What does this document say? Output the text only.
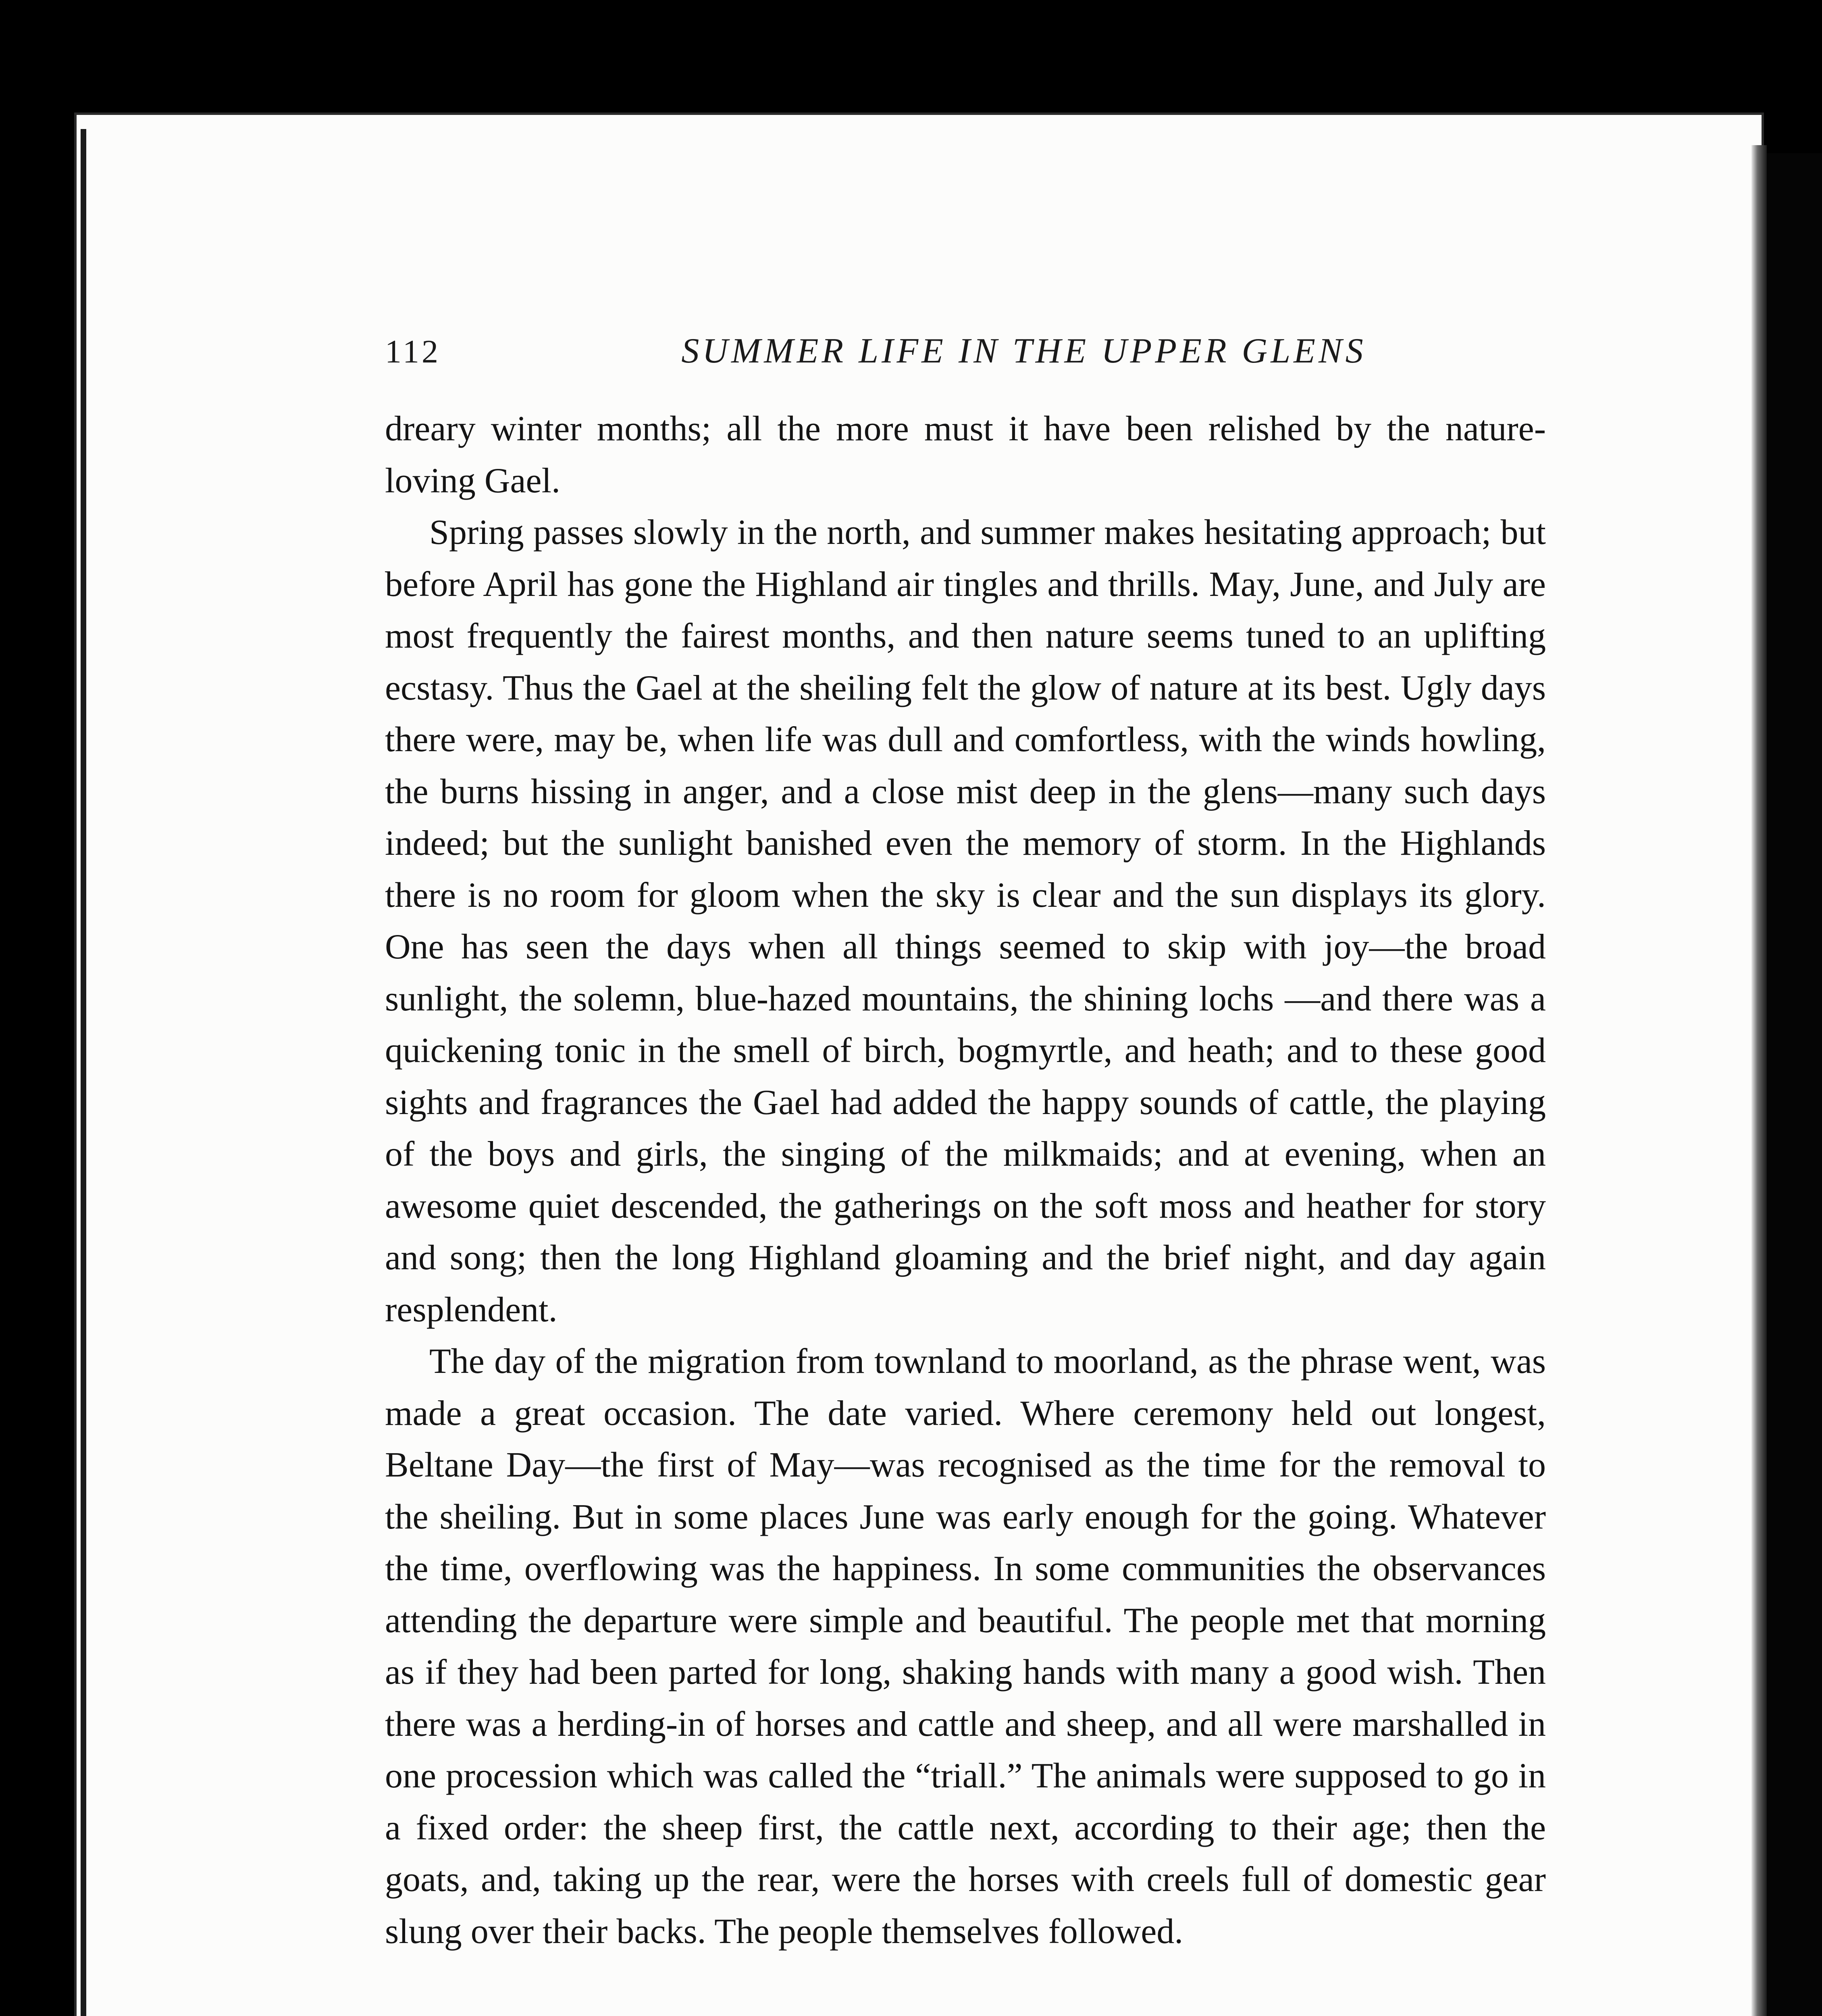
112	SUMMER LIFE IN THE UPPER GLENS

dreary winter months; all the more must it have been relished by the nature-loving Gael.

Spring passes slowly in the north, and summer makes hesitating approach; but before April has gone the Highland air tingles and thrills. May, June, and July are most frequently the fairest months, and then nature seems tuned to an uplifting ecstasy. Thus the Gael at the sheiling felt the glow of nature at its best. Ugly days there were, may be, when life was dull and comfortless, with the winds howling, the burns hissing in anger, and a close mist deep in the glens—many such days indeed; but the sunlight banished even the memory of storm. In the Highlands there is no room for gloom when the sky is clear and the sun displays its glory. One has seen the days when all things seemed to skip with joy—the broad sunlight, the solemn, blue-hazed mountains, the shining lochs —and there was a quickening tonic in the smell of birch, bogmyrtle, and heath; and to these good sights and fragrances the Gael had added the happy sounds of cattle, the playing of the boys and girls, the singing of the milkmaids; and at evening, when an awesome quiet descended, the gatherings on the soft moss and heather for story and song; then the long Highland gloaming and the brief night, and day again resplendent.

The day of the migration from townland to moorland, as the phrase went, was made a great occasion. The date varied. Where ceremony held out longest, Beltane Day—the first of May—was recognised as the time for the removal to the sheiling. But in some places June was early enough for the going. Whatever the time, overflowing was the happiness. In some communities the observances attending the departure were simple and beautiful. The people met that morning as if they had been parted for long, shaking hands with many a good wish. Then there was a herding-in of horses and cattle and sheep, and all were marshalled in one procession which was called the “triall.” The animals were supposed to go in a fixed order: the sheep first, the cattle next, according to their age; then the goats, and, taking up the rear, were the horses with creels full of domestic gear slung over their backs. The people themselves followed.
